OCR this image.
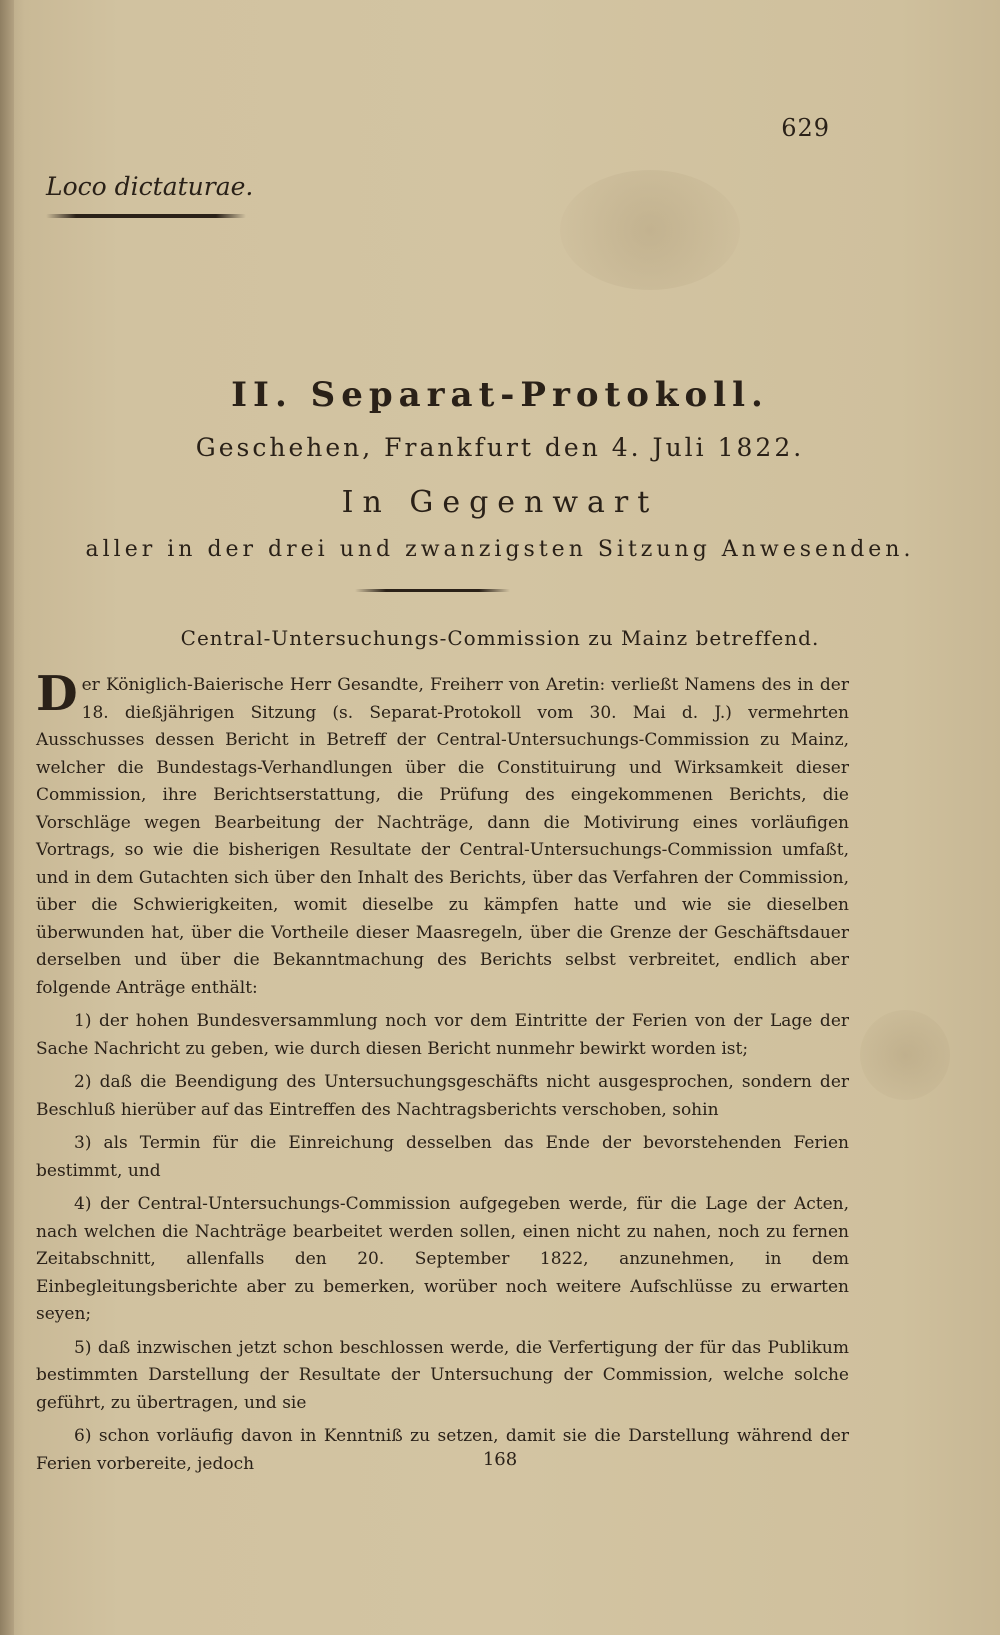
629
Loco dictaturae.
II. Separat-Protokoll.
Geschehen, Frankfurt den 4. Juli 1822.
In Gegenwart
aller in der drei und zwanzigsten Sitzung Anwesenden.
Central-Untersuchungs-Commission zu Mainz betreffend.

Der Königlich-Baierische Herr Gesandte, Freiherr von Aretin: verließt Namens des in der 18. dießjährigen Sitzung (s. Separat-Protokoll vom 30. Mai d. J.) vermehrten Ausschusses dessen Bericht in Betreff der Central-Untersuchungs-Commission zu Mainz, welcher die Bundestags-Verhandlungen über die Constituirung und Wirksamkeit dieser Commission, ihre Berichtserstattung, die Prüfung des eingekommenen Berichts, die Vorschläge wegen Bearbeitung der Nachträge, dann die Motivirung eines vorläufigen Vortrags, so wie die bisherigen Resultate der Central-Untersuchungs-Commission umfaßt, und in dem Gutachten sich über den Inhalt des Berichts, über das Verfahren der Commission, über die Schwierigkeiten, womit dieselbe zu kämpfen hatte und wie sie dieselben überwunden hat, über die Vortheile dieser Maasregeln, über die Grenze der Geschäftsdauer derselben und über die Bekanntmachung des Berichts selbst verbreitet, endlich aber folgende Anträge enthält:

1) der hohen Bundesversammlung noch vor dem Eintritte der Ferien von der Lage der Sache Nachricht zu geben, wie durch diesen Bericht nunmehr bewirkt worden ist;

2) daß die Beendigung des Untersuchungsgeschäfts nicht ausgesprochen, sondern der Beschluß hierüber auf das Eintreffen des Nachtragsberichts verschoben, sohin

3) als Termin für die Einreichung desselben das Ende der bevorstehenden Ferien bestimmt, und

4) der Central-Untersuchungs-Commission aufgegeben werde, für die Lage der Acten, nach welchen die Nachträge bearbeitet werden sollen, einen nicht zu nahen, noch zu fernen Zeitabschnitt, allenfalls den 20. September 1822, anzunehmen, in dem Einbegleitungsberichte aber zu bemerken, worüber noch weitere Aufschlüsse zu erwarten seyen;

5) daß inzwischen jetzt schon beschlossen werde, die Verfertigung der für das Publikum bestimmten Darstellung der Resultate der Untersuchung der Commission, welche solche geführt, zu übertragen, und sie

6) schon vorläufig davon in Kenntniß zu setzen, damit sie die Darstellung während der Ferien vorbereite, jedoch	168
